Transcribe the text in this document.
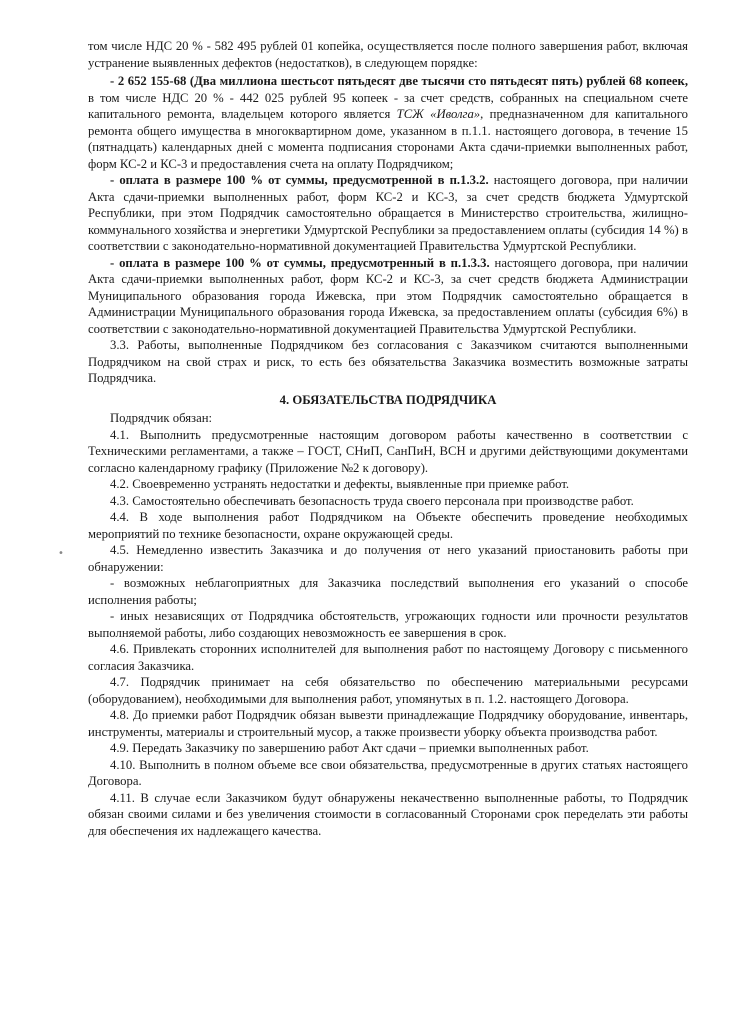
•

том числе НДС 20 % - 582 495 рублей 01 копейка, осуществляется после полного завершения работ, включая устранение выявленных дефектов (недостатков), в следующем порядке:

- 2 652 155-68 (Два миллиона шестьсот пятьдесят две тысячи сто пятьдесят пять) рублей 68 копеек, в том числе НДС 20 % - 442 025 рублей 95 копеек - за счет средств, собранных на специальном счете капитального ремонта, владельцем которого является ТСЖ «Иволга», предназначенном для капитального ремонта общего имущества в многоквартирном доме, указанном в п.1.1. настоящего договора, в течение 15 (пятнадцать) календарных дней с момента подписания сторонами Акта сдачи-приемки выполненных работ, форм КС-2 и КС-3 и предоставления счета на оплату Подрядчиком;

- оплата в размере 100 % от суммы, предусмотренной в п.1.3.2. настоящего договора, при наличии Акта сдачи-приемки выполненных работ, форм КС-2 и КС-3, за счет средств бюджета Удмуртской Республики, при этом Подрядчик самостоятельно обращается в Министерство строительства, жилищно-коммунального хозяйства и энергетики Удмуртской Республики за предоставлением оплаты (субсидия 14 %) в соответствии с законодательно-нормативной документацией Правительства Удмуртской Республики.

- оплата в размере 100 % от суммы, предусмотренный в п.1.3.3. настоящего договора, при наличии Акта сдачи-приемки выполненных работ, форм КС-2 и КС-3, за счет средств бюджета Администрации Муниципального образования города Ижевска, при этом Подрядчик самостоятельно обращается в Администрации Муниципального образования города Ижевска, за предоставлением оплаты (субсидия 6%) в соответствии с законодательно-нормативной документацией Правительства Удмуртской Республики.

3.3. Работы, выполненные Подрядчиком без согласования с Заказчиком считаются выполненными Подрядчиком на свой страх и риск, то есть без обязательства Заказчика возместить возможные затраты Подрядчика.

4. ОБЯЗАТЕЛЬСТВА ПОДРЯДЧИКА

Подрядчик обязан:

4.1. Выполнить предусмотренные настоящим договором работы качественно в соответствии с Техническими регламентами, а также – ГОСТ, СНиП, СанПиН, ВСН и другими действующими документами согласно календарному графику (Приложение №2 к договору).

4.2. Своевременно устранять недостатки и дефекты, выявленные при приемке работ.

4.3. Самостоятельно обеспечивать безопасность труда своего персонала при производстве работ.

4.4. В ходе выполнения работ Подрядчиком на Объекте обеспечить проведение необходимых мероприятий по технике безопасности, охране окружающей среды.

4.5. Немедленно известить Заказчика и до получения от него указаний приостановить работы при обнаружении:

- возможных неблагоприятных для Заказчика последствий выполнения его указаний о способе исполнения работы;

- иных независящих от Подрядчика обстоятельств, угрожающих годности или прочности результатов выполняемой работы, либо создающих невозможность ее завершения в срок.

4.6. Привлекать сторонних исполнителей для выполнения работ по настоящему Договору с письменного согласия Заказчика.

4.7. Подрядчик принимает на себя обязательство по обеспечению материальными ресурсами (оборудованием), необходимыми для выполнения работ, упомянутых в п. 1.2. настоящего Договора.

4.8. До приемки работ Подрядчик обязан вывезти принадлежащие Подрядчику оборудование, инвентарь, инструменты, материалы и строительный мусор, а также произвести уборку объекта производства работ.

4.9. Передать Заказчику по завершению работ Акт сдачи – приемки выполненных работ.

4.10. Выполнить в полном объеме все свои обязательства, предусмотренные в других статьях настоящего Договора.

4.11. В случае если Заказчиком будут обнаружены некачественно выполненные работы, то Подрядчик обязан своими силами и без увеличения стоимости в согласованный Сторонами срок переделать эти работы для обеспечения их надлежащего качества.
